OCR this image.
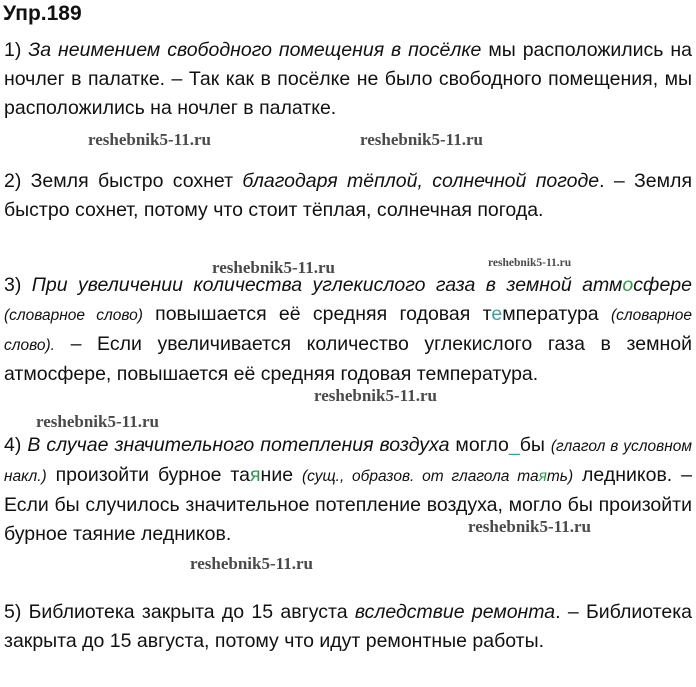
Упр.189

1) За неимением свободного помещения в посёлке мы расположились на ночлег в палатке. – Так как в посёлке не было свободного помещения, мы расположились на ночлег в палатке.

2) Земля быстро сохнет благодаря тёплой, солнечной погоде. – Земля быстро сохнет, потому что стоит тёплая, солнечная погода.

3) При увеличении количества углекислого газа в земной атмосфере (словарное слово) повышается её средняя годовая температура (словарное слово). – Если увеличивается количество углекислого газа в земной атмосфере, повышается её средняя годовая температура.

4) В случае значительного потепления воздуха могло_бы (глагол в условном накл.) произойти бурное таяние (сущ., образов. от глагола таять) ледников. – Если бы случилось значительное потепление воздуха, могло бы произойти бурное таяние ледников.

5) Библиотека закрыта до 15 августа вследствие ремонта. – Библиотека закрыта до 15 августа, потому что идут ремонтные работы.

reshebnik5-11.ru	reshebnik5-11.ru
reshebnik5-11.ru	reshebnik5-11.ru
reshebnik5-11.ru
reshebnik5-11.ru
reshebnik5-11.ru
reshebnik5-11.ru
